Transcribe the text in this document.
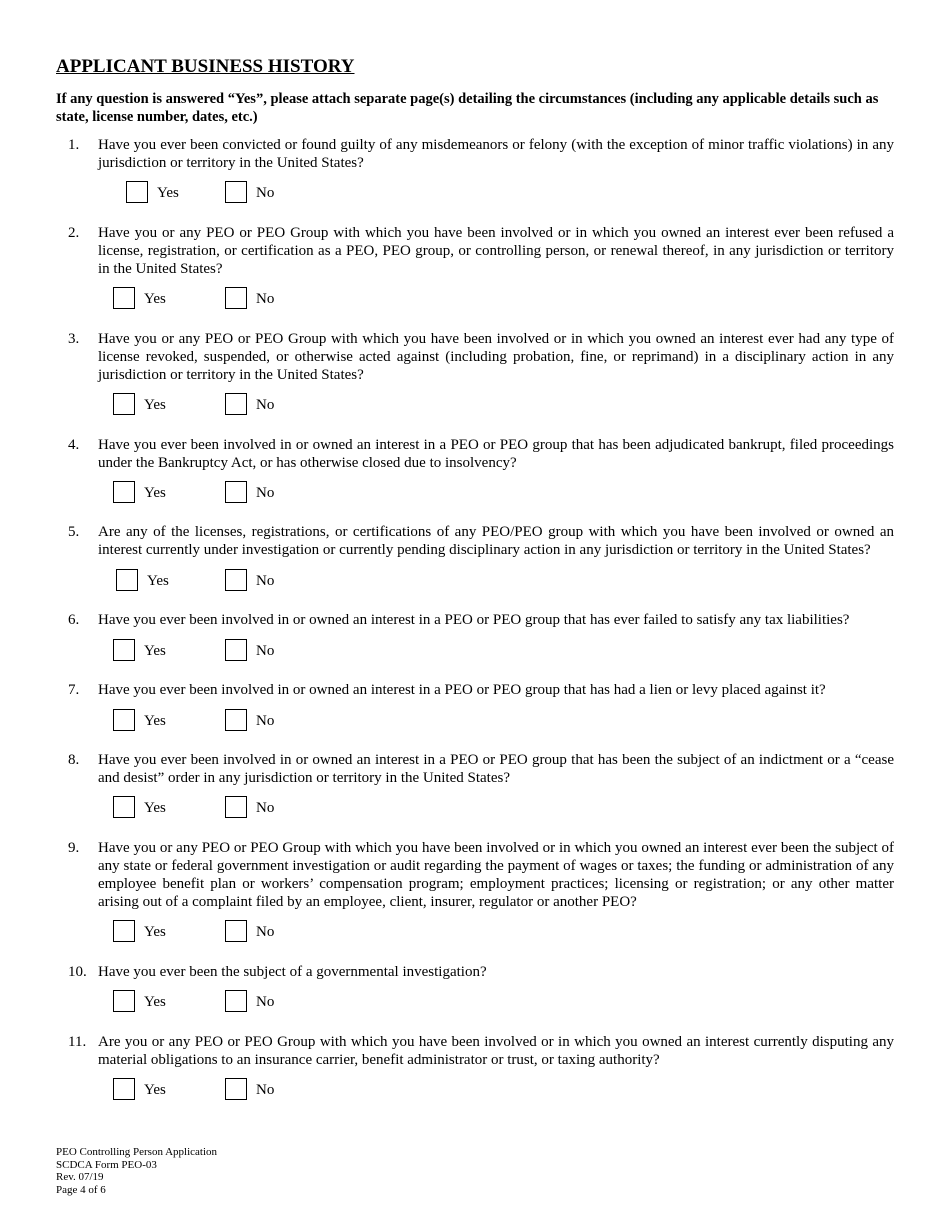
APPLICANT BUSINESS HISTORY
If any question is answered “Yes”, please attach separate page(s) detailing the circumstances (including any applicable details such as state, license number, dates, etc.)
1. Have you ever been convicted or found guilty of any misdemeanors or felony (with the exception of minor traffic violations) in any jurisdiction or territory in the United States?
Yes	No
2. Have you or any PEO or PEO Group with which you have been involved or in which you owned an interest ever been refused a license, registration, or certification as a PEO, PEO group, or controlling person, or renewal thereof, in any jurisdiction or territory in the United States?
Yes	No
3. Have you or any PEO or PEO Group with which you have been involved or in which you owned an interest ever had any type of license revoked, suspended, or otherwise acted against (including probation, fine, or reprimand) in a disciplinary action in any jurisdiction or territory in the United States?
Yes	No
4. Have you ever been involved in or owned an interest in a PEO or PEO group that has been adjudicated bankrupt, filed proceedings under the Bankruptcy Act, or has otherwise closed due to insolvency?
Yes	No
5. Are any of the licenses, registrations, or certifications of any PEO/PEO group with which you have been involved or owned an interest currently under investigation or currently pending disciplinary action in any jurisdiction or territory in the United States?
Yes	No
6. Have you ever been involved in or owned an interest in a PEO or PEO group that has ever failed to satisfy any tax liabilities?
Yes	No
7. Have you ever been involved in or owned an interest in a PEO or PEO group that has had a lien or levy placed against it?
Yes	No
8. Have you ever been involved in or owned an interest in a PEO or PEO group that has been the subject of an indictment or a “cease and desist” order in any jurisdiction or territory in the United States?
Yes	No
9. Have you or any PEO or PEO Group with which you have been involved or in which you owned an interest ever been the subject of any state or federal government investigation or audit regarding the payment of wages or taxes; the funding or administration of any employee benefit plan or workers’ compensation program; employment practices; licensing or registration; or any other matter arising out of a complaint filed by an employee, client, insurer, regulator or another PEO?
Yes	No
10. Have you ever been the subject of a governmental investigation?
Yes	No
11. Are you or any PEO or PEO Group with which you have been involved or in which you owned an interest currently disputing any material obligations to an insurance carrier, benefit administrator or trust, or taxing authority?
Yes	No
PEO Controlling Person Application
SCDCA Form PEO-03
Rev. 07/19
Page 4 of 6
